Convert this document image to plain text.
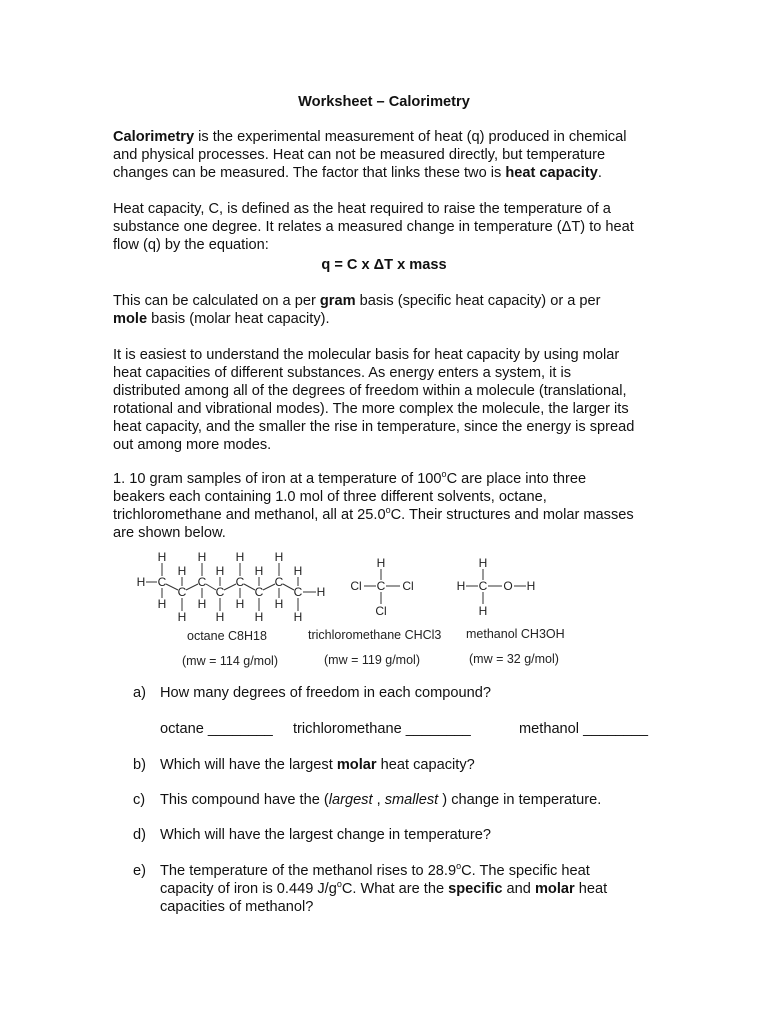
Worksheet – Calorimetry
Calorimetry is the experimental measurement of heat (q) produced in chemical
and physical processes. Heat can not be measured directly, but temperature
changes can be measured. The factor that links these two is heat capacity.
Heat capacity, C, is defined as the heat required to raise the temperature of a
substance one degree. It relates a measured change in temperature (ΔT) to heat
flow (q) by the equation:
q = C x ΔT x mass
This can be calculated on a per gram basis (specific heat capacity) or a per
mole basis (molar heat capacity).
It is easiest to understand the molecular basis for heat capacity by using molar
heat capacities of different substances. As energy enters a system, it is
distributed among all of the degrees of freedom within a molecule (translational,
rotational and vibrational modes). The more complex the molecule, the larger its
heat capacity, and the smaller the rise in temperature, since the energy is spread
out among more modes.
1. 10 gram samples of iron at a temperature of 100$^o$C are place into three
beakers each containing 1.0 mol of three different solvents, octane,
trichloromethane and methanol, all at 25.0$^o$C. Their structures and molar masses
are shown below.
H	H H	H
H H	H	H
C	C C	C
H
C C	C	C H
H	H H	H
H H	H	H
H
C
Cl	Cl
Cl
H
H C O H
H
octane C8H18
(mw = 114 g/mol)
trichloromethane CHCl3
(mw = 119 g/mol)
methanol CH3OH
(mw = 32 g/mol)
a) How many degrees of freedom in each compound?
octane ________ trichloromethane ________	methanol ________
b) Which will have the largest molar heat capacity?
c) This compound have the (largest , smallest ) change in temperature.
d) Which will have the largest change in temperature?
e) The temperature of the methanol rises to 28.9$^o$C. The specific heat
capacity of iron is 0.449 $J/g^oC$. What are the specific and molar heat
capacities of methanol?
